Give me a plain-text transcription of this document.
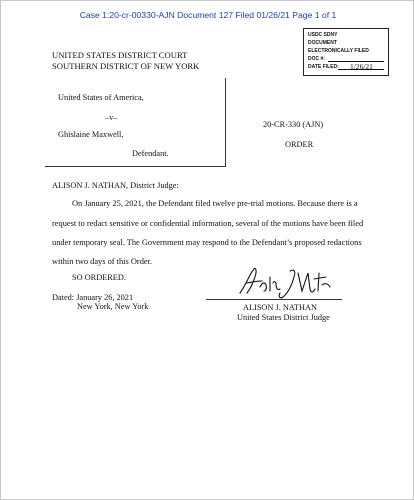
Case 1:20-cr-00330-AJN Document 127 Filed 01/26/21 Page 1 of 1
USDC SDNY
DOCUMENT
ELECTRONICALLY FILED
DOC #:
DATE FILED: 1/26/21
UNITED STATES DISTRICT COURT
SOUTHERN DISTRICT OF NEW YORK
United States of America,
–v–
Ghislaine Maxwell,
Defendant.
20-CR-330 (AJN)
ORDER
ALISON J. NATHAN, District Judge:
On January 25, 2021, the Defendant filed twelve pre-trial motions. Because there is a
request to redact sensitive or confidential information, several of the motions have been filed
under temporary seal. The Government may respond to the Defendant’s proposed redactions
within two days of this Order.
SO ORDERED.
Dated: January 26, 2021
New York, New York	ALISON J. NATHAN
United States District Judge
